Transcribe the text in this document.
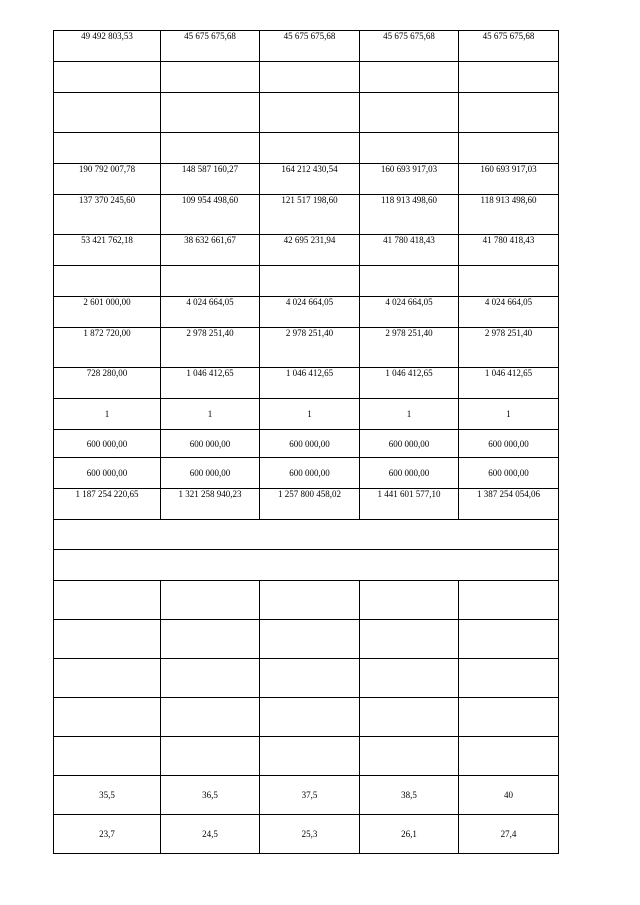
49 492 803,53	45 675 675,68	45 675 675,68	45 675 675,68	45 675 675,68

190 792 007,78	148 587 160,27	164 212 430,54	160 693 917,03	160 693 917,03
137 370 245,60	109 954 498,60	121 517 198,60	118 913 498,60	118 913 498,60
53 421 762,18	38 632 661,67	42 695 231,94	41 780 418,43	41 780 418,43

2 601 000,00	4 024 664,05	4 024 664,05	4 024 664,05	4 024 664,05
1 872 720,00	2 978 251,40	2 978 251,40	2 978 251,40	2 978 251,40
728 280,00	1 046 412,65	1 046 412,65	1 046 412,65	1 046 412,65
1	1	1	1	1
600 000,00	600 000,00	600 000,00	600 000,00	600 000,00
600 000,00	600 000,00	600 000,00	600 000,00	600 000,00
1 187 254 220,65	1 321 258 940,23	1 257 800 458,02	1 441 601 577,10	1 387 254 054,06

35,5	36,5	37,5	38,5	40
23,7	24,5	25,3	26,1	27,4
